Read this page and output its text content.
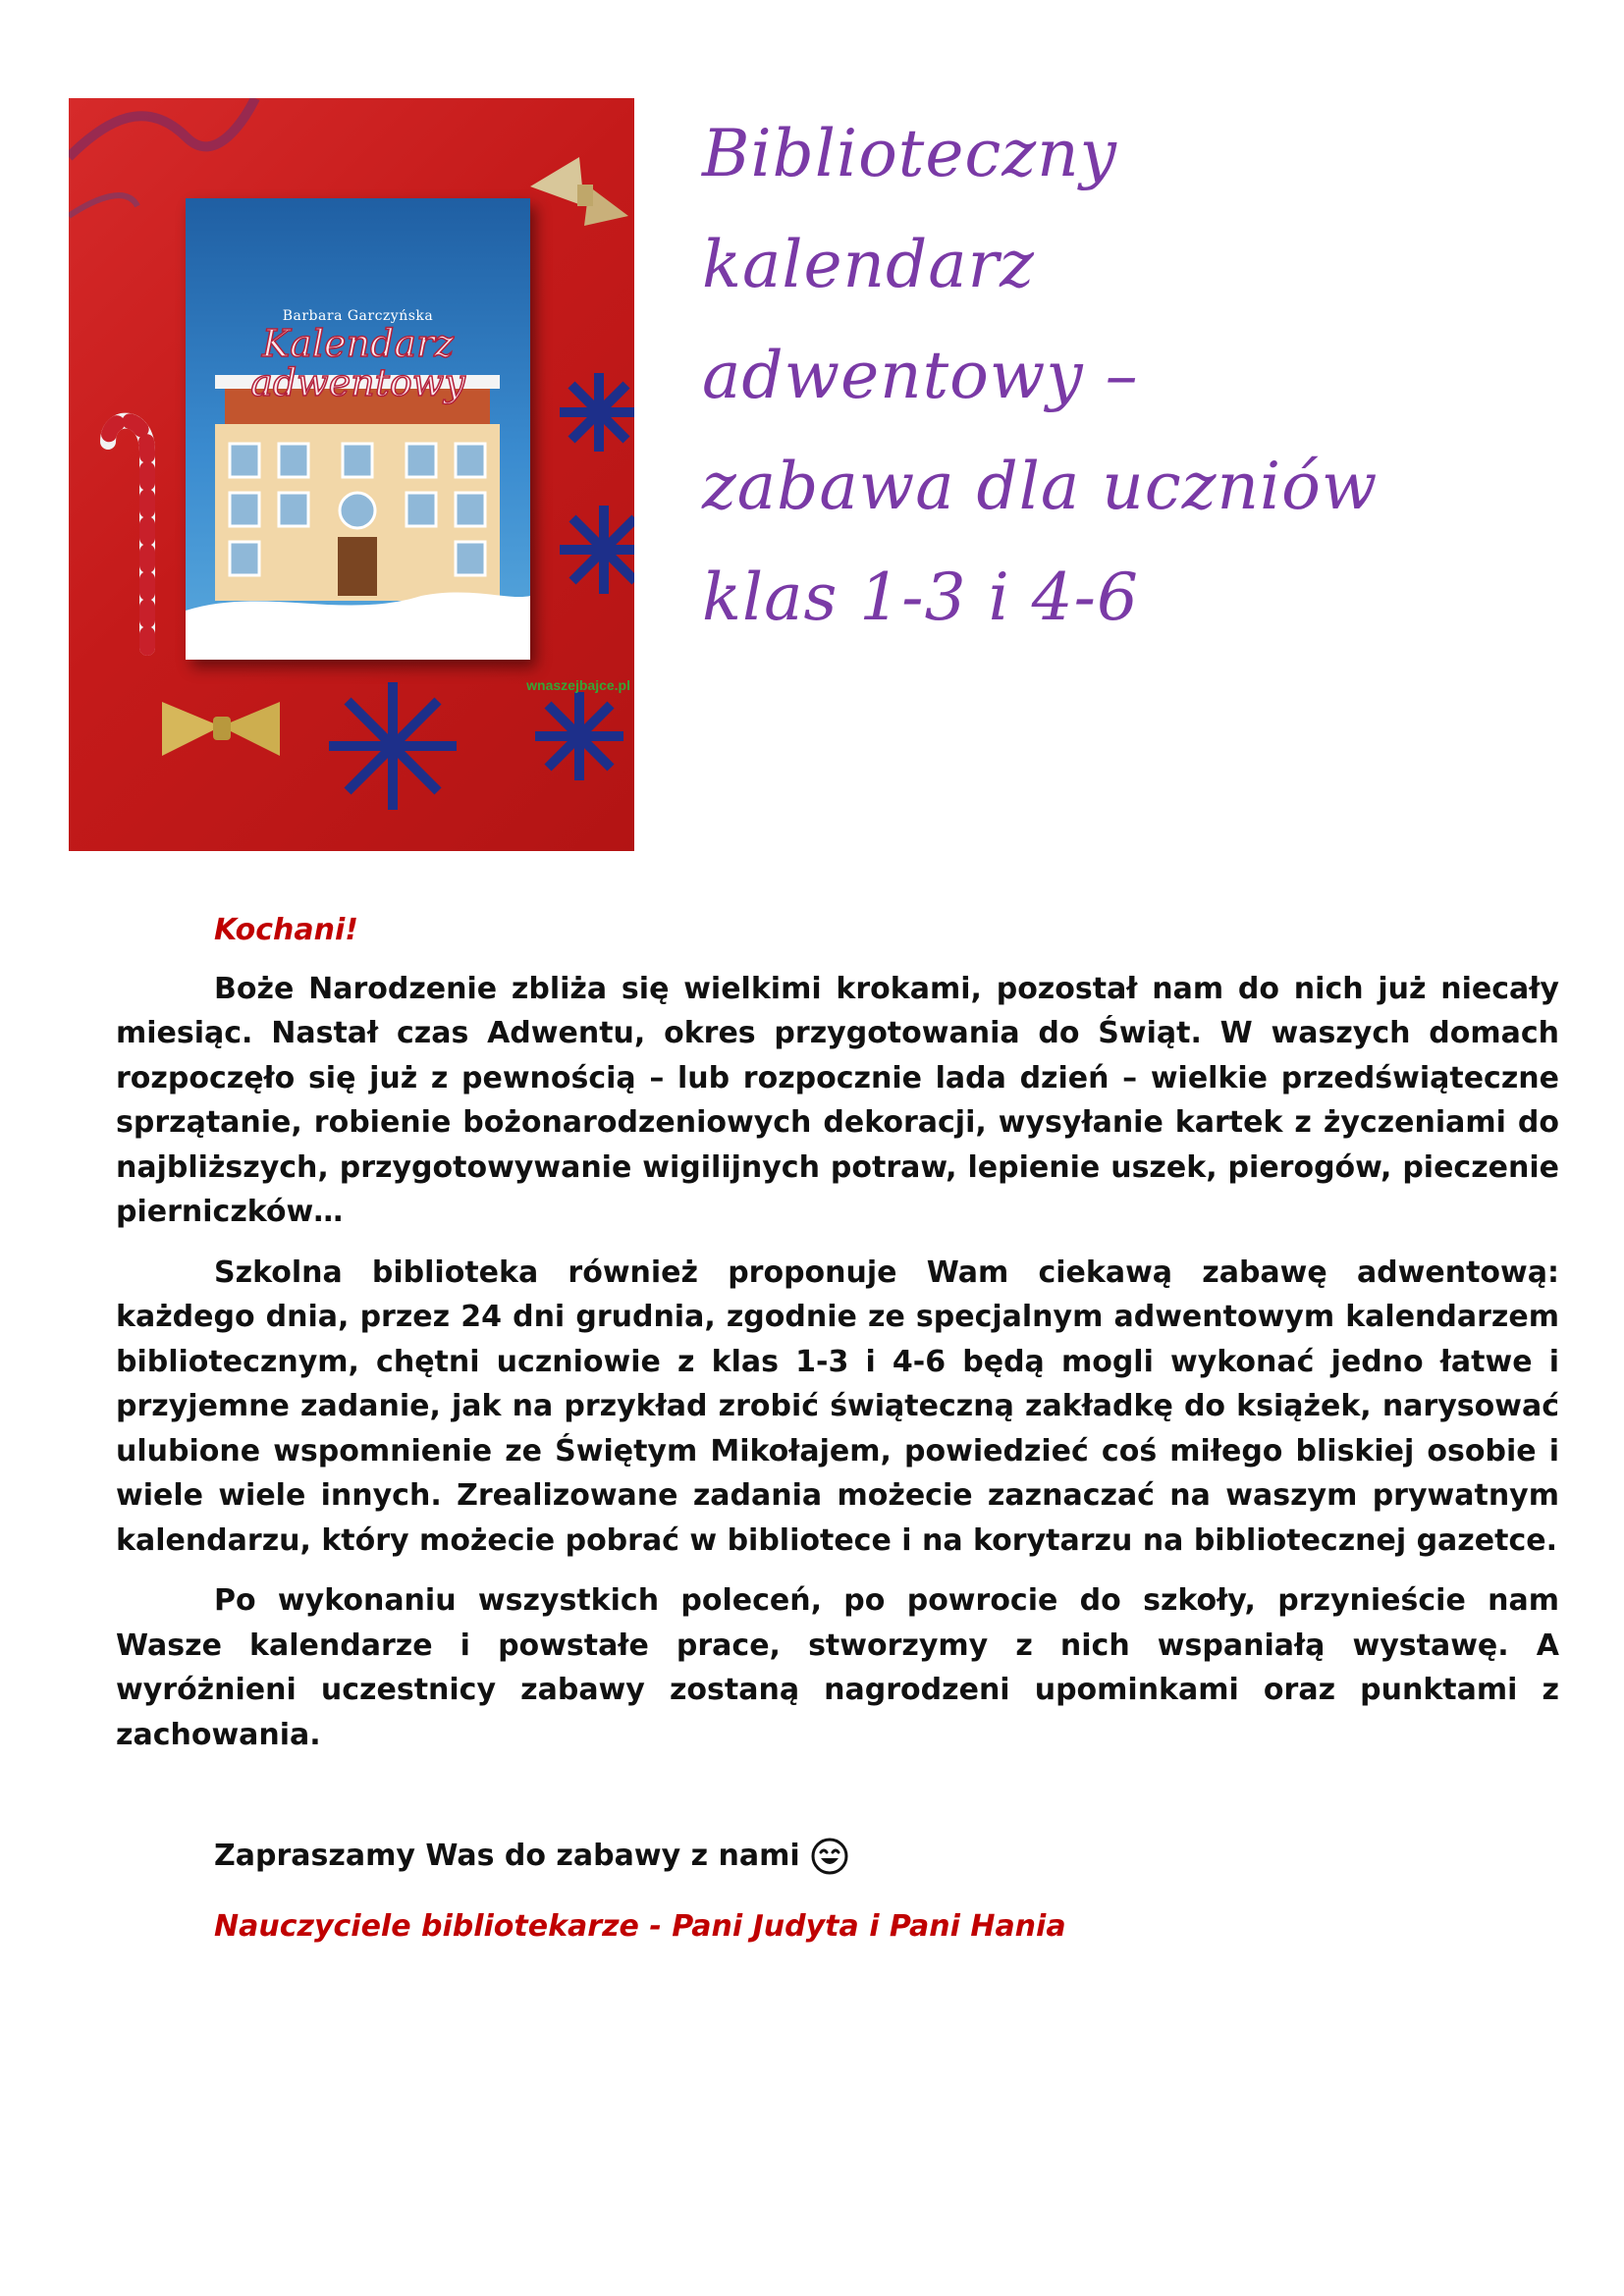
Barbara Garczyńska
Kalendarz
adwentowy
wnaszejbajce.pl
Biblioteczny
kalendarz
adwentowy –
zabawa dla uczniów
klas 1-3 i 4-6
Kochani!

Boże Narodzenie zbliża się wielkimi krokami, pozostał nam do nich już niecały miesiąc. Nastał czas Adwentu, okres przygotowania do Świąt. W waszych domach rozpoczęło się już z pewnością – lub rozpocznie lada dzień – wielkie przedświąteczne sprzątanie, robienie bożonarodzeniowych dekoracji, wysyłanie kartek z życzeniami do najbliższych, przygotowywanie wigilijnych potraw, lepienie uszek, pierogów, pieczenie pierniczków…

Szkolna biblioteka również proponuje Wam ciekawą zabawę adwentową: każdego dnia, przez 24 dni grudnia, zgodnie ze specjalnym adwentowym kalendarzem bibliotecznym, chętni uczniowie z klas 1-3 i 4-6 będą mogli wykonać jedno łatwe i przyjemne zadanie, jak na przykład zrobić świąteczną zakładkę do książek, narysować ulubione wspomnienie ze Świętym Mikołajem, powiedzieć coś miłego bliskiej osobie i wiele wiele innych. Zrealizowane zadania możecie zaznaczać na waszym prywatnym kalendarzu, który możecie pobrać w bibliotece i na korytarzu na bibliotecznej gazetce.

Po wykonaniu wszystkich poleceń, po powrocie do szkoły, przynieście nam Wasze kalendarze i powstałe prace, stworzymy z nich wspaniałą wystawę. A wyróżnieni uczestnicy zabawy zostaną nagrodzeni upominkami oraz punktami z zachowania.

Zapraszamy Was do zabawy z nami
Nauczyciele bibliotekarze - Pani Judyta i Pani Hania
